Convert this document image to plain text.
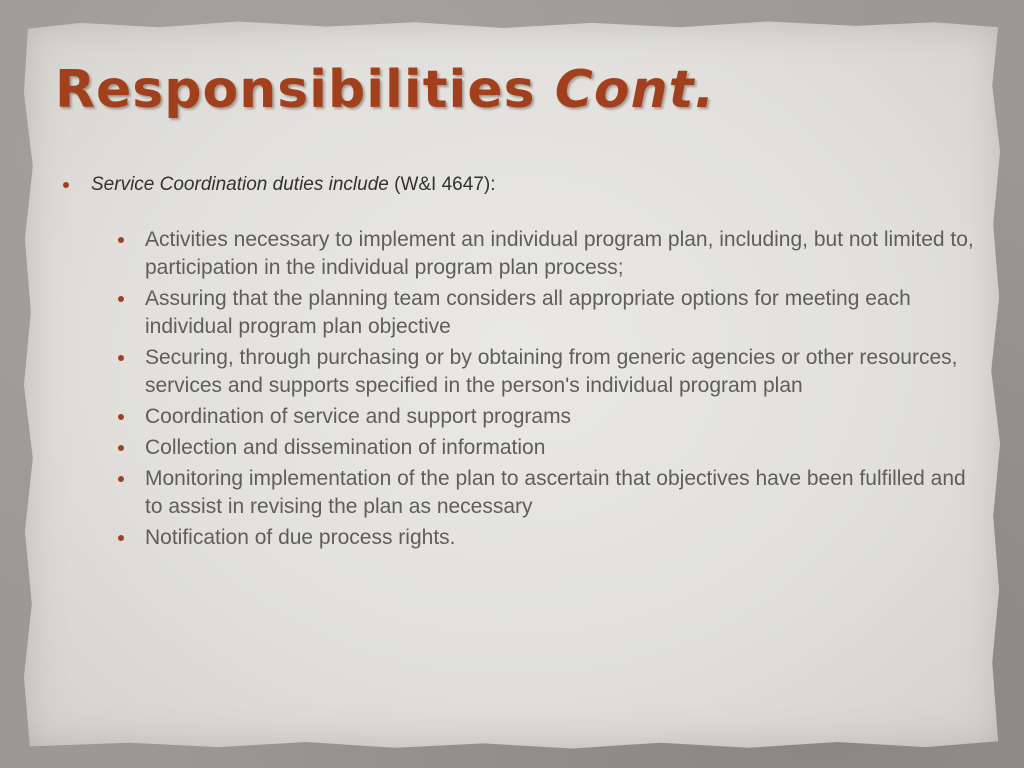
Responsibilities Cont.
Service Coordination duties include (W&I 4647):
Activities necessary to implement an individual program plan, including, but not limited to, participation in the individual program plan process;
Assuring that the planning team considers all appropriate options for meeting each individual program plan objective
Securing, through purchasing or by obtaining from generic agencies or other resources, services and supports specified in the person's individual program plan
Coordination of service and support programs
Collection and dissemination of information
Monitoring implementation of the plan to ascertain that objectives have been fulfilled and to assist in revising the plan as necessary
Notification of due process rights.
